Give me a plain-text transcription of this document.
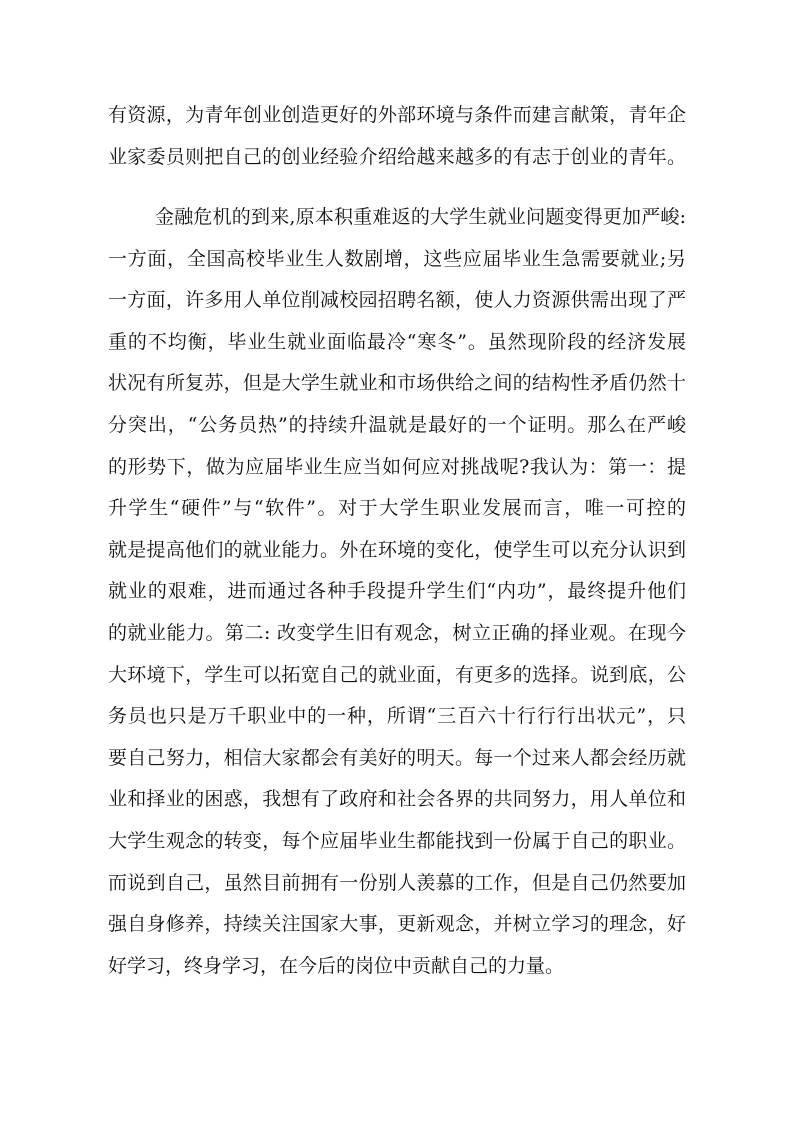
有资源，为青年创业创造更好的外部环境与条件而建言献策，青年企
业家委员则把自己的创业经验介绍给越来越多的有志于创业的青年。
金融危机的到来,原本积重难返的大学生就业问题变得更加严峻:
一方面，全国高校毕业生人数剧增，这些应届毕业生急需要就业;另
一方面，许多用人单位削减校园招聘名额，使人力资源供需出现了严
重的不均衡，毕业生就业面临最冷“寒冬”。虽然现阶段的经济发展
状况有所复苏，但是大学生就业和市场供给之间的结构性矛盾仍然十
分突出，“公务员热”的持续升温就是最好的一个证明。那么在严峻
的形势下，做为应届毕业生应当如何应对挑战呢?我认为：第一：提
升学生“硬件”与“软件”。对于大学生职业发展而言，唯一可控的
就是提高他们的就业能力。外在环境的变化，使学生可以充分认识到
就业的艰难，进而通过各种手段提升学生们“内功”，最终提升他们
的就业能力。第二: 改变学生旧有观念，树立正确的择业观。在现今
大环境下，学生可以拓宽自己的就业面，有更多的选择。说到底，公
务员也只是万千职业中的一种，所谓“三百六十行行行出状元”，只
要自己努力，相信大家都会有美好的明天。每一个过来人都会经历就
业和择业的困惑，我想有了政府和社会各界的共同努力，用人单位和
大学生观念的转变，每个应届毕业生都能找到一份属于自己的职业。
而说到自己，虽然目前拥有一份别人羡慕的工作，但是自己仍然要加
强自身修养，持续关注国家大事，更新观念，并树立学习的理念，好
好学习，终身学习，在今后的岗位中贡献自己的力量。
